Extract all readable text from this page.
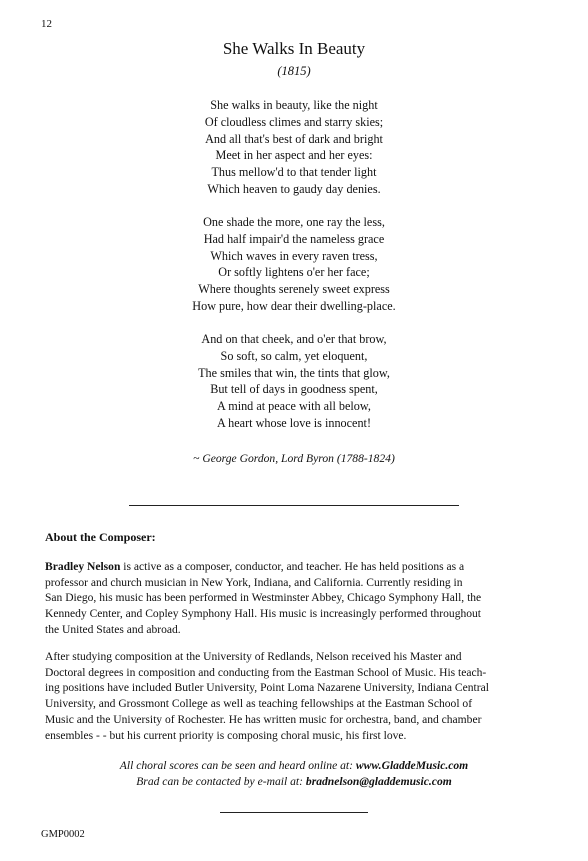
12
She Walks In Beauty
(1815)
She walks in beauty, like the night
Of cloudless climes and starry skies;
And all that's best of dark and bright
Meet in her aspect and her eyes:
Thus mellow'd to that tender light
Which heaven to gaudy day denies.
One shade the more, one ray the less,
Had half impair'd the nameless grace
Which waves in every raven tress,
Or softly lightens o'er her face;
Where thoughts serenely sweet express
How pure, how dear their dwelling-place.
And on that cheek, and o'er that brow,
So soft, so calm, yet eloquent,
The smiles that win, the tints that glow,
But tell of days in goodness spent,
A mind at peace with all below,
A heart whose love is innocent!
~ George Gordon, Lord Byron (1788-1824)
About the Composer:
Bradley Nelson is active as a composer, conductor, and teacher. He has held positions as a
professor and church musician in New York, Indiana, and California. Currently residing in
San Diego, his music has been performed in Westminster Abbey, Chicago Symphony Hall, the
Kennedy Center, and Copley Symphony Hall. His music is increasingly performed throughout
the United States and abroad.
After studying composition at the University of Redlands, Nelson received his Master and
Doctoral degrees in composition and conducting from the Eastman School of Music. His teach-
ing positions have included Butler University, Point Loma Nazarene University, Indiana Central
University, and Grossmont College as well as teaching fellowships at the Eastman School of
Music and the University of Rochester. He has written music for orchestra, band, and chamber
ensembles - - but his current priority is composing choral music, his first love.
All choral scores can be seen and heard online at: www.GladdeMusic.com
Brad can be contacted by e-mail at: bradnelson@gladdemusic.com
GMP0002
